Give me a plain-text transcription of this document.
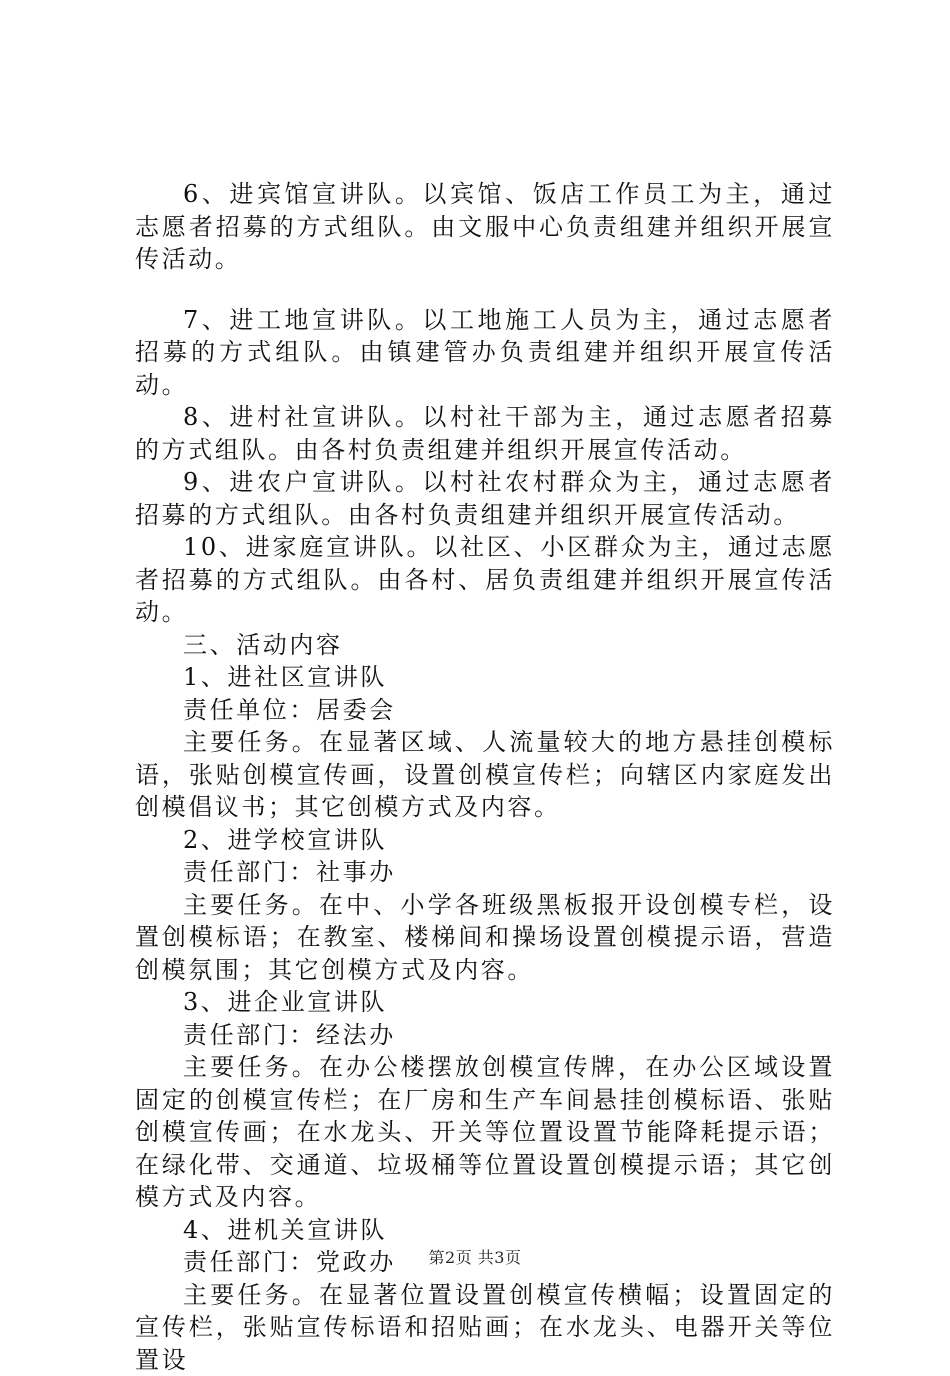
6、进宾馆宣讲队。以宾馆、饭店工作员工为主，通过志愿者招募的方式组队。由文服中心负责组建并组织开展宣传活动。

7、进工地宣讲队。以工地施工人员为主，通过志愿者招募的方式组队。由镇建管办负责组建并组织开展宣传活动。

8、进村社宣讲队。以村社干部为主，通过志愿者招募的方式组队。由各村负责组建并组织开展宣传活动。

9、进农户宣讲队。以村社农村群众为主，通过志愿者招募的方式组队。由各村负责组建并组织开展宣传活动。

10、进家庭宣讲队。以社区、小区群众为主，通过志愿者招募的方式组队。由各村、居负责组建并组织开展宣传活动。

三、活动内容

1、进社区宣讲队

责任单位：居委会

主要任务。在显著区域、人流量较大的地方悬挂创模标语，张贴创模宣传画，设置创模宣传栏；向辖区内家庭发出创模倡议书；其它创模方式及内容。

2、进学校宣讲队

责任部门：社事办

主要任务。在中、小学各班级黑板报开设创模专栏，设置创模标语；在教室、楼梯间和操场设置创模提示语，营造创模氛围；其它创模方式及内容。

3、进企业宣讲队

责任部门：经法办

主要任务。在办公楼摆放创模宣传牌，在办公区域设置固定的创模宣传栏；在厂房和生产车间悬挂创模标语、张贴创模宣传画；在水龙头、开关等位置设置节能降耗提示语；在绿化带、交通道、垃圾桶等位置设置创模提示语；其它创模方式及内容。

4、进机关宣讲队

责任部门：党政办

主要任务。在显著位置设置创模宣传横幅；设置固定的宣传栏，张贴宣传标语和招贴画；在水龙头、电器开关等位置设

第2页 共3页
